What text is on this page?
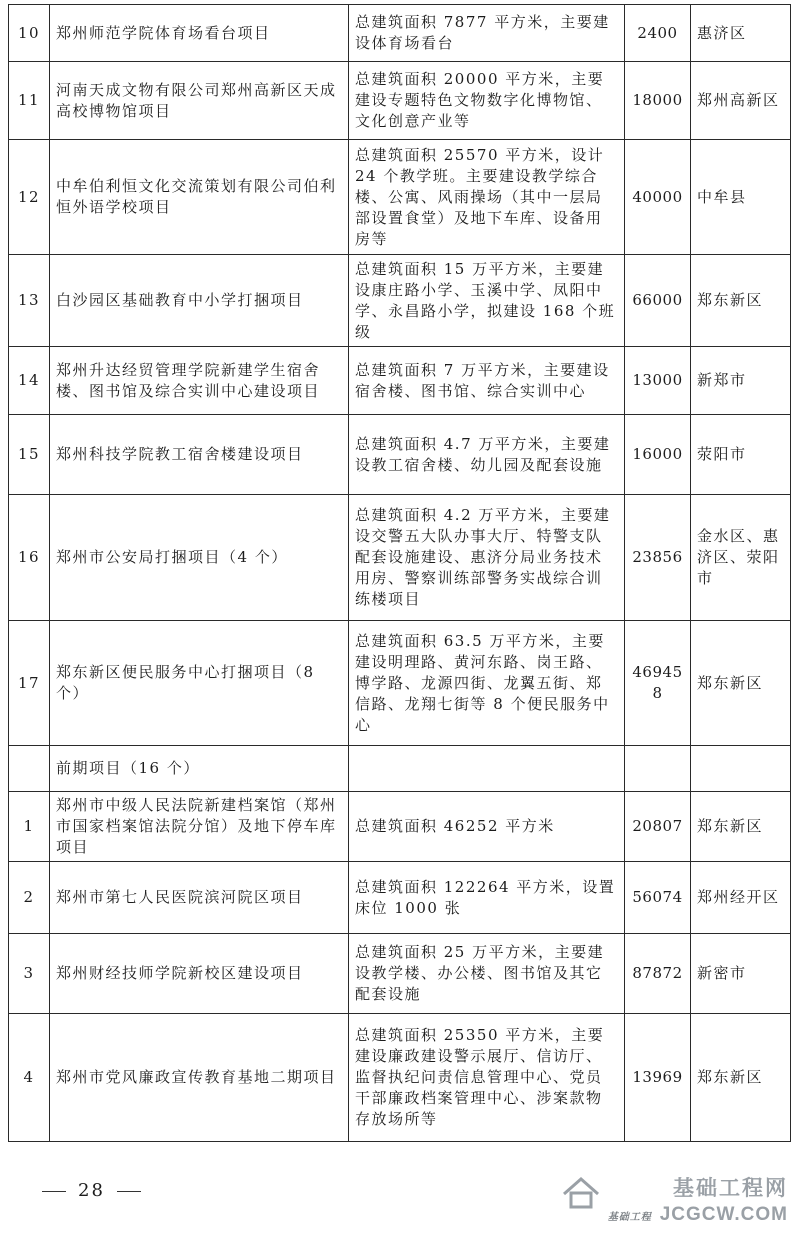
10	郑州师范学院体育场看台项目	总建筑面积 7877 平方米，主要建设体育场看台	2400	惠济区
11	河南天成文物有限公司郑州高新区天成高校博物馆项目	总建筑面积 20000 平方米，主要建设专题特色文物数字化博物馆、文化创意产业等	18000	郑州高新区
12	中牟伯利恒文化交流策划有限公司伯利恒外语学校项目	总建筑面积 25570 平方米，设计 24 个教学班。主要建设教学综合楼、公寓、风雨操场（其中一层局部设置食堂）及地下车库、设备用房等	40000	中牟县
13	白沙园区基础教育中小学打捆项目	总建筑面积 15 万平方米，主要建设康庄路小学、玉溪中学、凤阳中学、永昌路小学，拟建设 168 个班级	66000	郑东新区
14	郑州升达经贸管理学院新建学生宿舍楼、图书馆及综合实训中心建设项目	总建筑面积 7 万平方米，主要建设宿舍楼、图书馆、综合实训中心	13000	新郑市
15	郑州科技学院教工宿舍楼建设项目	总建筑面积 4.7 万平方米，主要建设教工宿舍楼、幼儿园及配套设施	16000	荥阳市
16	郑州市公安局打捆项目（4 个）	总建筑面积 4.2 万平方米，主要建设交警五大队办事大厅、特警支队配套设施建设、惠济分局业务技术用房、警察训练部警务实战综合训练楼项目	23856	金水区、惠济区、荥阳市
17	郑东新区便民服务中心打捆项目（8 个）	总建筑面积 63.5 万平方米，主要建设明理路、黄河东路、岗王路、博学路、龙源四街、龙翼五街、郑信路、龙翔七街等 8 个便民服务中心	469458	郑东新区
	前期项目（16 个）			
1	郑州市中级人民法院新建档案馆（郑州市国家档案馆法院分馆）及地下停车库项目	总建筑面积 46252 平方米	20807	郑东新区
2	郑州市第七人民医院滨河院区项目	总建筑面积 122264 平方米，设置床位 1000 张	56074	郑州经开区
3	郑州财经技师学院新校区建设项目	总建筑面积 25 万平方米，主要建设教学楼、办公楼、图书馆及其它配套设施	87872	新密市
4	郑州市党风廉政宣传教育基地二期项目	总建筑面积 25350 平方米，主要建设廉政建设警示展厅、信访厅、监督执纪问责信息管理中心、党员干部廉政档案管理中心、涉案款物存放场所等	13969	郑东新区
28	基础工程网
基础工程 JCGCW.COM
